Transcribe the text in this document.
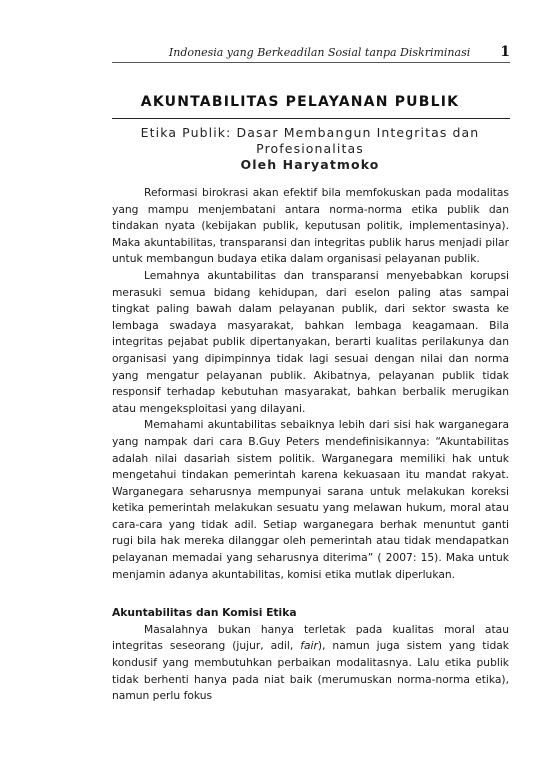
Indonesia yang Berkeadilan Sosial tanpa Diskriminasi 1
AKUNTABILITAS PELAYANAN PUBLIK
Etika Publik: Dasar Membangun Integritas dan
Profesionalitas
Oleh Haryatmoko

Reformasi birokrasi akan efektif bila memfokuskan pada modalitas yang mampu menjembatani antara norma-norma etika publik dan tindakan nyata (kebijakan publik, keputusan politik, implementasinya). Maka akuntabilitas, transparansi dan integritas publik harus menjadi pilar untuk membangun budaya etika dalam organisasi pelayanan publik.

Lemahnya akuntabilitas dan transparansi menyebabkan korupsi merasuki semua bidang kehidupan, dari eselon paling atas sampai tingkat paling bawah dalam pelayanan publik, dari sektor swasta ke lembaga swadaya masyarakat, bahkan lembaga keagamaan. Bila integritas pejabat publik dipertanyakan, berarti kualitas perilakunya dan organisasi yang dipimpinnya tidak lagi sesuai dengan nilai dan norma yang mengatur pelayanan publik. Akibatnya, pelayanan publik tidak responsif terhadap kebutuhan masyarakat, bahkan berbalik merugikan atau mengeksploitasi yang dilayani.

Memahami akuntabilitas sebaiknya lebih dari sisi hak warganegara yang nampak dari cara B.Guy Peters mendefinisikannya: “Akuntabilitas adalah nilai dasariah sistem politik. Warganegara memiliki hak untuk mengetahui tindakan pemerintah karena kekuasaan itu mandat rakyat. Warganegara seharusnya mempunyai sarana untuk melakukan koreksi ketika pemerintah melakukan sesuatu yang melawan hukum, moral atau cara-cara yang tidak adil. Setiap warganegara berhak menuntut ganti rugi bila hak mereka dilanggar oleh pemerintah atau tidak mendapatkan pelayanan memadai yang seharusnya diterima” ( 2007: 15). Maka untuk menjamin adanya akuntabilitas, komisi etika mutlak diperlukan.

Akuntabilitas dan Komisi Etika

Masalahnya bukan hanya terletak pada kualitas moral atau integritas seseorang (jujur, adil, fair), namun juga sistem yang tidak kondusif yang membutuhkan perbaikan modalitasnya. Lalu etika publik tidak berhenti hanya pada niat baik (merumuskan norma-norma etika), namun perlu fokus
